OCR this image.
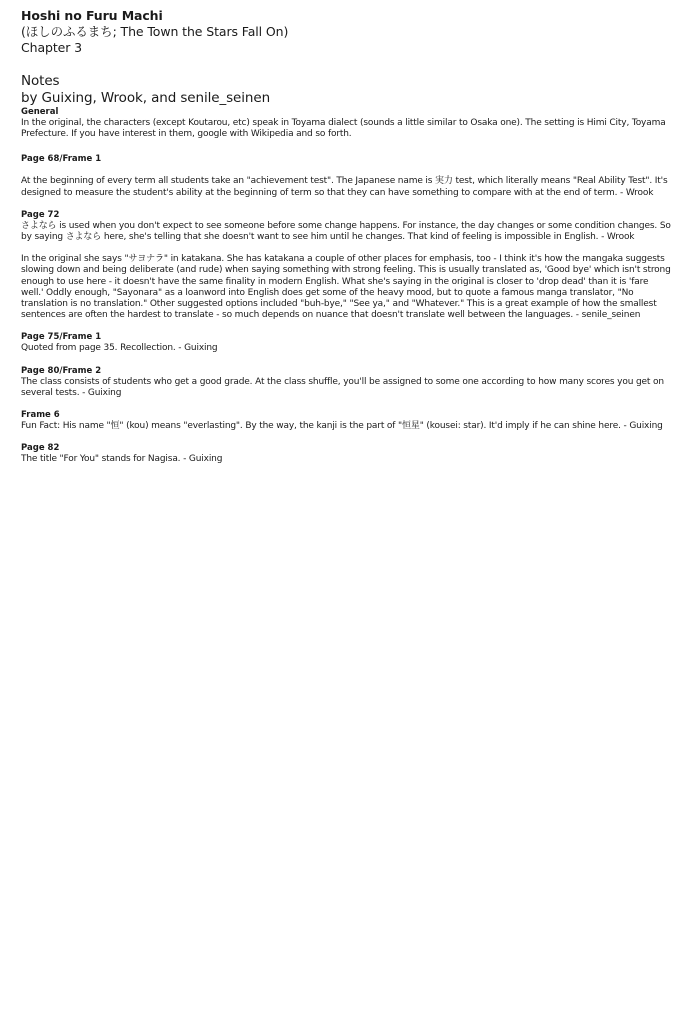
Hoshi no Furu Machi
(ほしのふるまち; The Town the Stars Fall On)
Chapter 3
Notes
by Guixing, Wrook, and senile_seinen
General

In the original, the characters (except Koutarou, etc) speak in Toyama dialect (sounds a little similar to Osaka one). The setting is Himi City, Toyama Prefecture. If you have interest in them, google with Wikipedia and so forth.

Page 68/Frame 1

At the beginning of every term all students take an "achievement test". The Japanese name is 実力 test, which literally means "Real Ability Test". It's designed to measure the student's ability at the beginning of term so that they can have something to compare with at the end of term. - Wrook

Page 72

さよなら is used when you don't expect to see someone before some change happens. For instance, the day changes or some condition changes. So by saying さよなら here, she's telling that she doesn't want to see him until he changes. That kind of feeling is impossible in English. - Wrook

In the original she says "サヨナラ" in katakana. She has katakana a couple of other places for emphasis, too - I think it's how the mangaka suggests slowing down and being deliberate (and rude) when saying something with strong feeling. This is usually translated as, 'Good bye' which isn't strong enough to use here - it doesn't have the same finality in modern English. What she's saying in the original is closer to 'drop dead' than it is 'fare well.' Oddly enough, "Sayonara" as a loanword into English does get some of the heavy mood, but to quote a famous manga translator, "No translation is no translation." Other suggested options included "buh-bye," "See ya," and "Whatever." This is a great example of how the smallest sentences are often the hardest to translate - so much depends on nuance that doesn't translate well between the languages. - senile_seinen

Page 75/Frame 1

Quoted from page 35. Recollection. - Guixing

Page 80/Frame 2

The class consists of students who get a good grade. At the class shuffle, you'll be assigned to some one according to how many scores you get on several tests. - Guixing

Frame 6

Fun Fact: His name "恒" (kou) means "everlasting". By the way, the kanji is the part of "恒星" (kousei: star). It'd imply if he can shine here. - Guixing

Page 82

The title "For You" stands for Nagisa. - Guixing
